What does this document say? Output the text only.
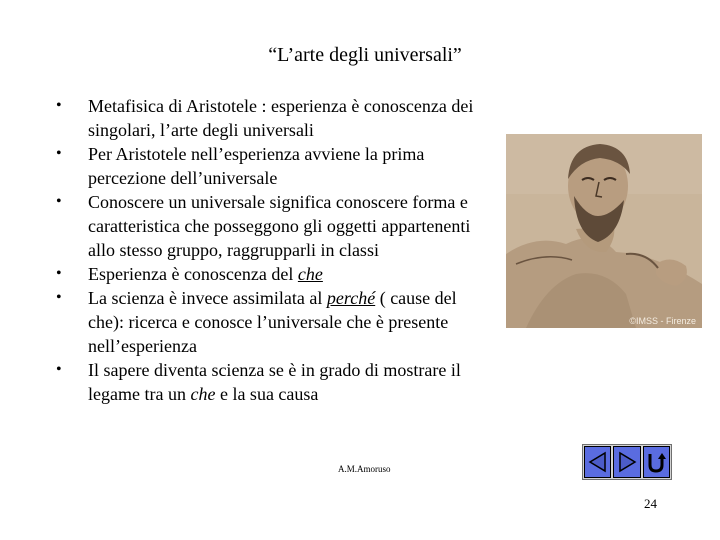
“L’arte degli universali”
• Metafisica di Aristotele : esperienza è conoscenza dei singolari, l’arte degli universali
• Per Aristotele nell’esperienza avviene la prima percezione dell’universale
• Conoscere un universale significa conoscere forma e caratteristica che posseggono gli oggetti appartenenti allo stesso gruppo, raggrupparli in classi
• Esperienza è conoscenza del che
• La scienza è invece assimilata al perché ( cause del che): ricerca e conosce l’universale che è presente nell’esperienza
• Il sapere diventa scienza se è in grado di mostrare il legame tra un che e la sua causa
©IMSS - Firenze
A.M.Amoruso
24
